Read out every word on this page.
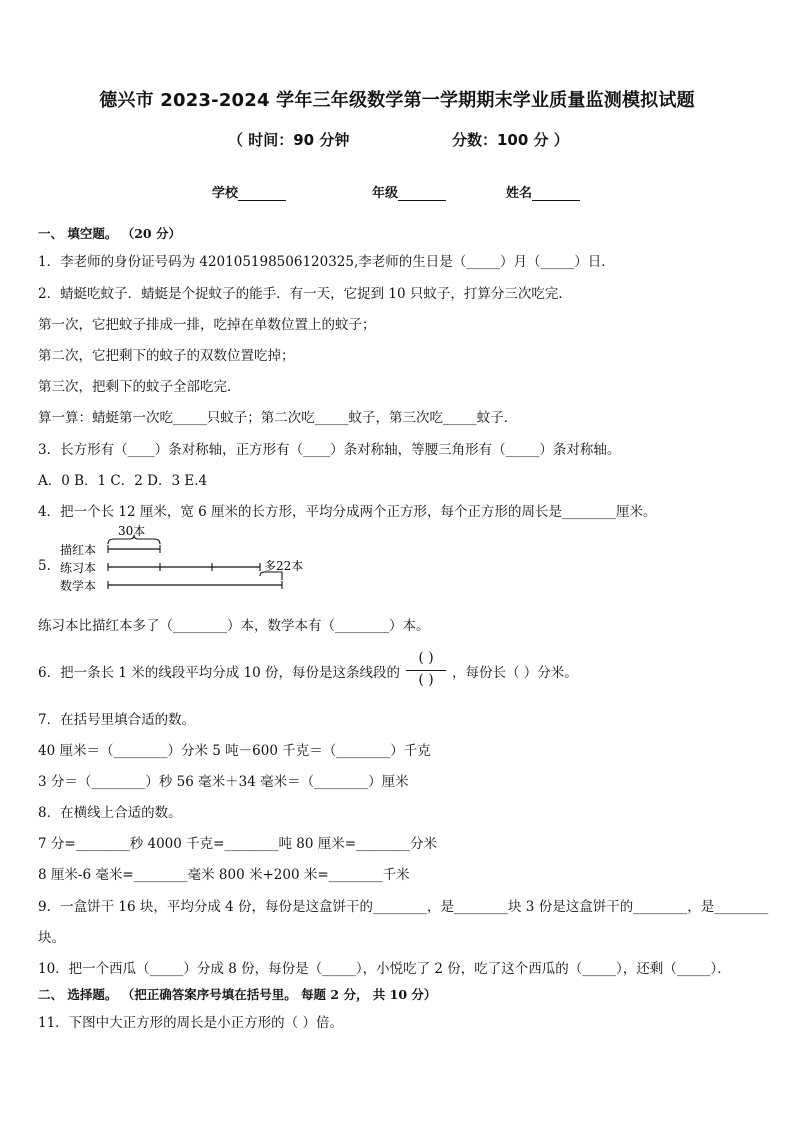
德兴市 2023-2024 学年三年级数学第一学期期末学业质量监测模拟试题
（ 时间：90 分钟	分数：100 分 ）
学校	年级	姓名
一、 填空题。 （20 分）
1．李老师的身份证号码为 420105198506120325,李老师的生日是（_____）月（_____）日．
2．蜻蜓吃蚊子．蜻蜓是个捉蚊子的能手．有一天，它捉到 10 只蚊子，打算分三次吃完．
第一次，它把蚊子排成一排，吃掉在单数位置上的蚊子；
第二次，它把剩下的蚊子的双数位置吃掉；
第三次，把剩下的蚊子全部吃完．
算一算：蜻蜓第一次吃_____只蚊子；第二次吃_____蚊子，第三次吃_____蚊子．
3．长方形有（____）条对称轴，正方形有（____）条对称轴，等腰三角形有（_____）条对称轴。
A．0 B．1 C．2 D．3 E.4
4．把一个长 12 厘米，宽 6 厘米的长方形，平均分成两个正方形，每个正方形的周长是________厘米。
5.
描红本
练习本
数学本
30本
多22本
练习本比描红本多了（________）本，数学本有（________）本。
6．把一条长 1 米的线段平均分成 10 份，每份是这条线段的
( )
( )	，每份长（ ）分米。
7．在括号里填合适的数。
40 厘米＝（________）分米 5 吨－600 千克＝（________）千克
3 分＝（________）秒 56 毫米＋34 毫米＝（________）厘米
8．在横线上合适的数。
7 分=________秒 4000 千克=________吨 80 厘米=________分米
8 厘米-6 毫米=________毫米 800 米+200 米=________千米
9．一盒饼干 16 块，平均分成 4 份，每份是这盒饼干的________，是________块 3 份是这盒饼干的________，是________
块。
10．把一个西瓜（_____）分成 8 份，每份是（_____），小悦吃了 2 份，吃了这个西瓜的（_____），还剩（_____）．
二、 选择题。 （把正确答案序号填在括号里。 每题 2 分， 共 10 分）
11．下图中大正方形的周长是小正方形的（ ）倍。
